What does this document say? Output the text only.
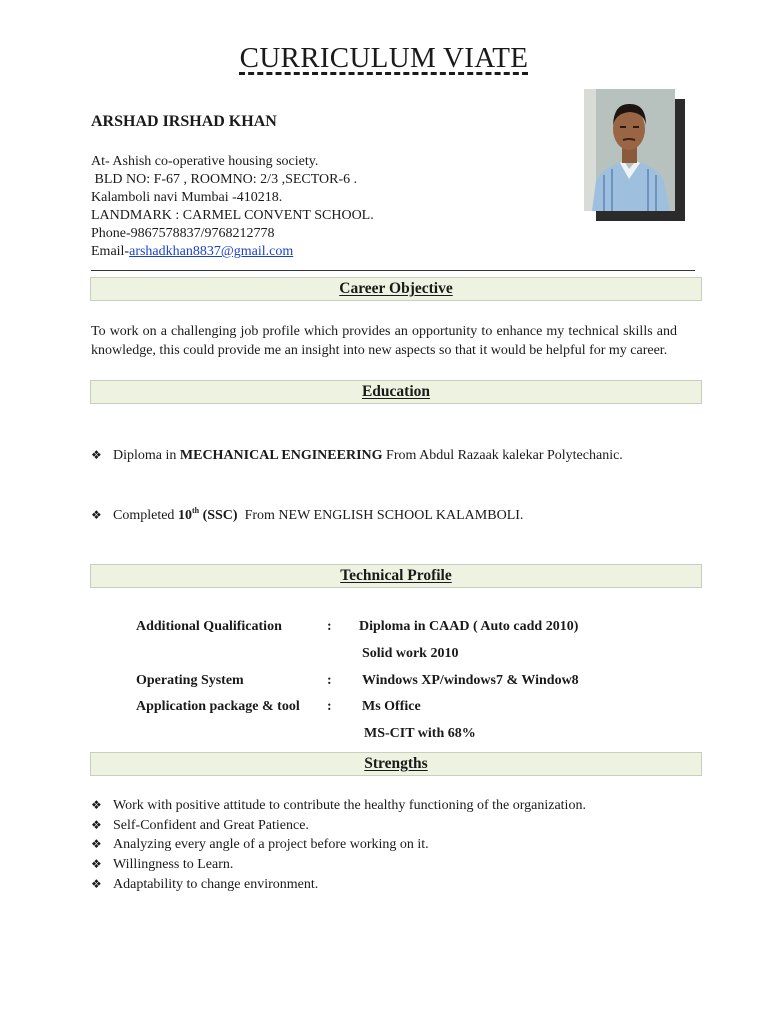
CURRICULUM VIATE
ARSHAD IRSHAD KHAN
At- Ashish co-operative housing society.
BLD NO: F-67 , ROOMNO: 2/3 ,SECTOR-6 .
Kalamboli navi Mumbai -410218.
LANDMARK : CARMEL CONVENT SCHOOL.
Phone-9867578837/9768212778
Email-arshadkhan8837@gmail.com
Career Objective
To work on a challenging job profile which provides an opportunity to enhance my technical skills and knowledge, this could provide me an insight into new aspects so that it would be helpful for my career.
Education
❖ Diploma in MECHANICAL ENGINEERING From Abdul Razaak kalekar Polytechanic.
❖ Completed 10th (SSC)  From NEW ENGLISH SCHOOL KALAMBOLI.
Technical Profile
Additional Qualification	: Diploma in CAAD ( Auto cadd 2010)
Solid work 2010
Operating System	: Windows XP/windows7 & Window8
Application package & tool : Ms Office
MS-CIT with 68%
Strengths
❖ Work with positive attitude to contribute the healthy functioning of the organization.
❖ Self-Confident and Great Patience.
❖ Analyzing every angle of a project before working on it.
❖ Willingness to Learn.
❖ Adaptability to change environment.
